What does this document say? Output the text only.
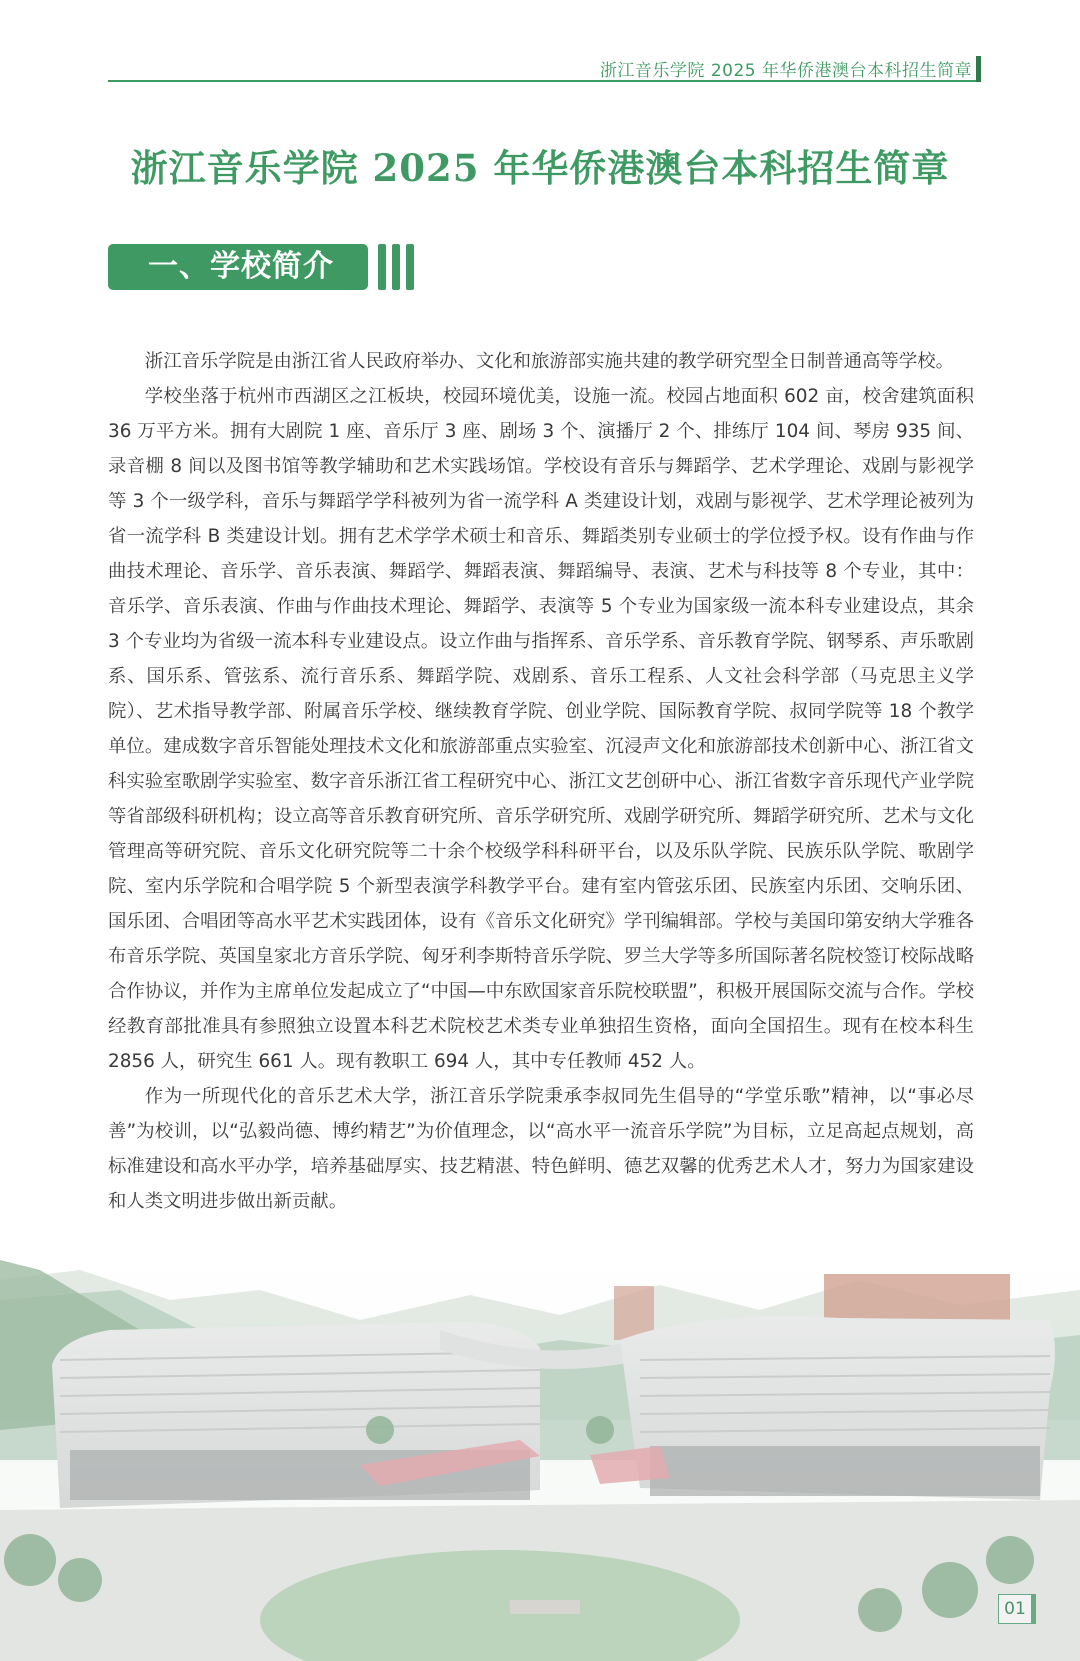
浙江音乐学院 2025 年华侨港澳台本科招生简章
浙江音乐学院 2025 年华侨港澳台本科招生简章
一、学校简介

浙江音乐学院是由浙江省人民政府举办、文化和旅游部实施共建的教学研究型全日制普通高等学校。

学校坐落于杭州市西湖区之江板块，校园环境优美，设施一流。校园占地面积 602 亩，校舍建筑面积 36 万平方米。拥有大剧院 1 座、音乐厅 3 座、剧场 3 个、演播厅 2 个、排练厅 104 间、琴房 935 间、录音棚 8 间以及图书馆等教学辅助和艺术实践场馆。学校设有音乐与舞蹈学、艺术学理论、戏剧与影视学等 3 个一级学科，音乐与舞蹈学学科被列为省一流学科 A 类建设计划，戏剧与影视学、艺术学理论被列为省一流学科 B 类建设计划。拥有艺术学学术硕士和音乐、舞蹈类别专业硕士的学位授予权。设有作曲与作曲技术理论、音乐学、音乐表演、舞蹈学、舞蹈表演、舞蹈编导、表演、艺术与科技等 8 个专业，其中：音乐学、音乐表演、作曲与作曲技术理论、舞蹈学、表演等 5 个专业为国家级一流本科专业建设点，其余 3 个专业均为省级一流本科专业建设点。设立作曲与指挥系、音乐学系、音乐教育学院、钢琴系、声乐歌剧系、国乐系、管弦系、流行音乐系、舞蹈学院、戏剧系、音乐工程系、人文社会科学部（马克思主义学院）、艺术指导教学部、附属音乐学校、继续教育学院、创业学院、国际教育学院、叔同学院等 18 个教学单位。建成数字音乐智能处理技术文化和旅游部重点实验室、沉浸声文化和旅游部技术创新中心、浙江省文科实验室歌剧学实验室、数字音乐浙江省工程研究中心、浙江文艺创研中心、浙江省数字音乐现代产业学院等省部级科研机构；设立高等音乐教育研究所、音乐学研究所、戏剧学研究所、舞蹈学研究所、艺术与文化管理高等研究院、音乐文化研究院等二十余个校级学科科研平台，以及乐队学院、民族乐队学院、歌剧学院、室内乐学院和合唱学院 5 个新型表演学科教学平台。建有室内管弦乐团、民族室内乐团、交响乐团、国乐团、合唱团等高水平艺术实践团体，设有《音乐文化研究》学刊编辑部。学校与美国印第安纳大学雅各布音乐学院、英国皇家北方音乐学院、匈牙利李斯特音乐学院、罗兰大学等多所国际著名院校签订校际战略合作协议，并作为主席单位发起成立了“中国—中东欧国家音乐院校联盟”，积极开展国际交流与合作。学校经教育部批准具有参照独立设置本科艺术院校艺术类专业单独招生资格，面向全国招生。现有在校本科生 2856 人，研究生 661 人。现有教职工 694 人，其中专任教师 452 人。

作为一所现代化的音乐艺术大学，浙江音乐学院秉承李叔同先生倡导的“学堂乐歌”精神，以“事必尽善”为校训，以“弘毅尚德、博约精艺”为价值理念，以“高水平一流音乐学院”为目标，立足高起点规划，高标准建设和高水平办学，培养基础厚实、技艺精湛、特色鲜明、德艺双馨的优秀艺术人才，努力为国家建设和人类文明进步做出新贡献。

01
